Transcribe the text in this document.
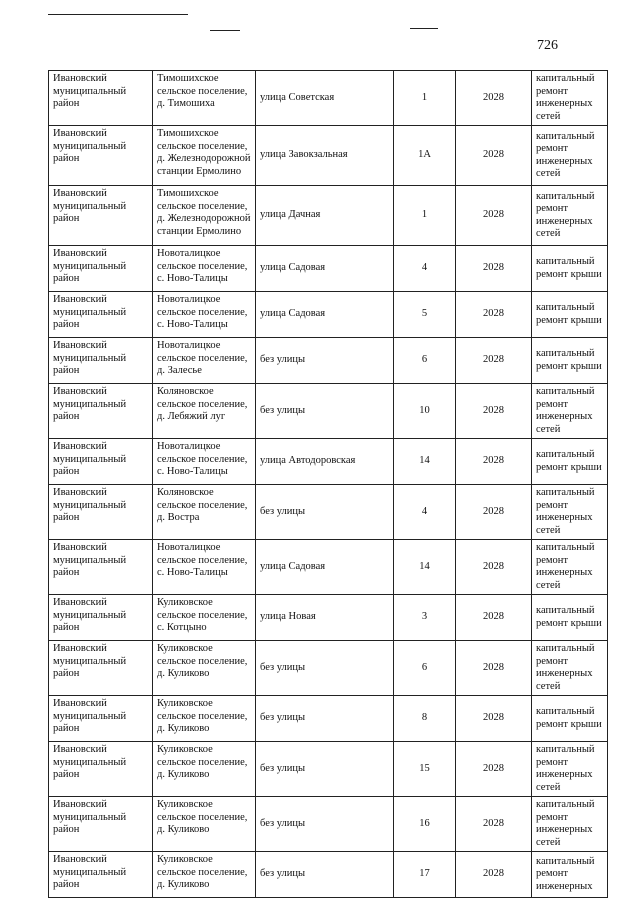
726
Ивановский муниципальный район	Тимошихское сельское поселение, д. Тимошиха	улица Советская	1	2028	капитальный ремонт инженерных сетей
Ивановский муниципальный район	Тимошихское сельское поселение, д. Железнодорожной станции Ермолино	улица Завокзальная	1А	2028	капитальный ремонт инженерных сетей
Ивановский муниципальный район	Тимошихское сельское поселение, д. Железнодорожной станции Ермолино	улица Дачная	1	2028	капитальный ремонт инженерных сетей
Ивановский муниципальный район	Новоталицкое сельское поселение, с. Ново-Талицы	улица Садовая	4	2028	капитальный ремонт крыши
Ивановский муниципальный район	Новоталицкое сельское поселение, с. Ново-Талицы	улица Садовая	5	2028	капитальный ремонт крыши
Ивановский муниципальный район	Новоталицкое сельское поселение, д. Залесье	без улицы	6	2028	капитальный ремонт крыши
Ивановский муниципальный район	Коляновское сельское поселение, д. Лебяжий луг	без улицы	10	2028	капитальный ремонт инженерных сетей
Ивановский муниципальный район	Новоталицкое сельское поселение, с. Ново-Талицы	улица Автодоровская	14	2028	капитальный ремонт крыши
Ивановский муниципальный район	Коляновское сельское поселение, д. Востра	без улицы	4	2028	капитальный ремонт инженерных сетей
Ивановский муниципальный район	Новоталицкое сельское поселение, с. Ново-Талицы	улица Садовая	14	2028	капитальный ремонт инженерных сетей
Ивановский муниципальный район	Куликовское сельское поселение, с. Котцыно	улица Новая	3	2028	капитальный ремонт крыши
Ивановский муниципальный район	Куликовское сельское поселение, д. Куликово	без улицы	6	2028	капитальный ремонт инженерных сетей
Ивановский муниципальный район	Куликовское сельское поселение, д. Куликово	без улицы	8	2028	капитальный ремонт крыши
Ивановский муниципальный район	Куликовское сельское поселение, д. Куликово	без улицы	15	2028	капитальный ремонт инженерных сетей
Ивановский муниципальный район	Куликовское сельское поселение, д. Куликово	без улицы	16	2028	капитальный ремонт инженерных сетей
Ивановский муниципальный район	Куликовское сельское поселение, д. Куликово	без улицы	17	2028	капитальный ремонт инженерных
